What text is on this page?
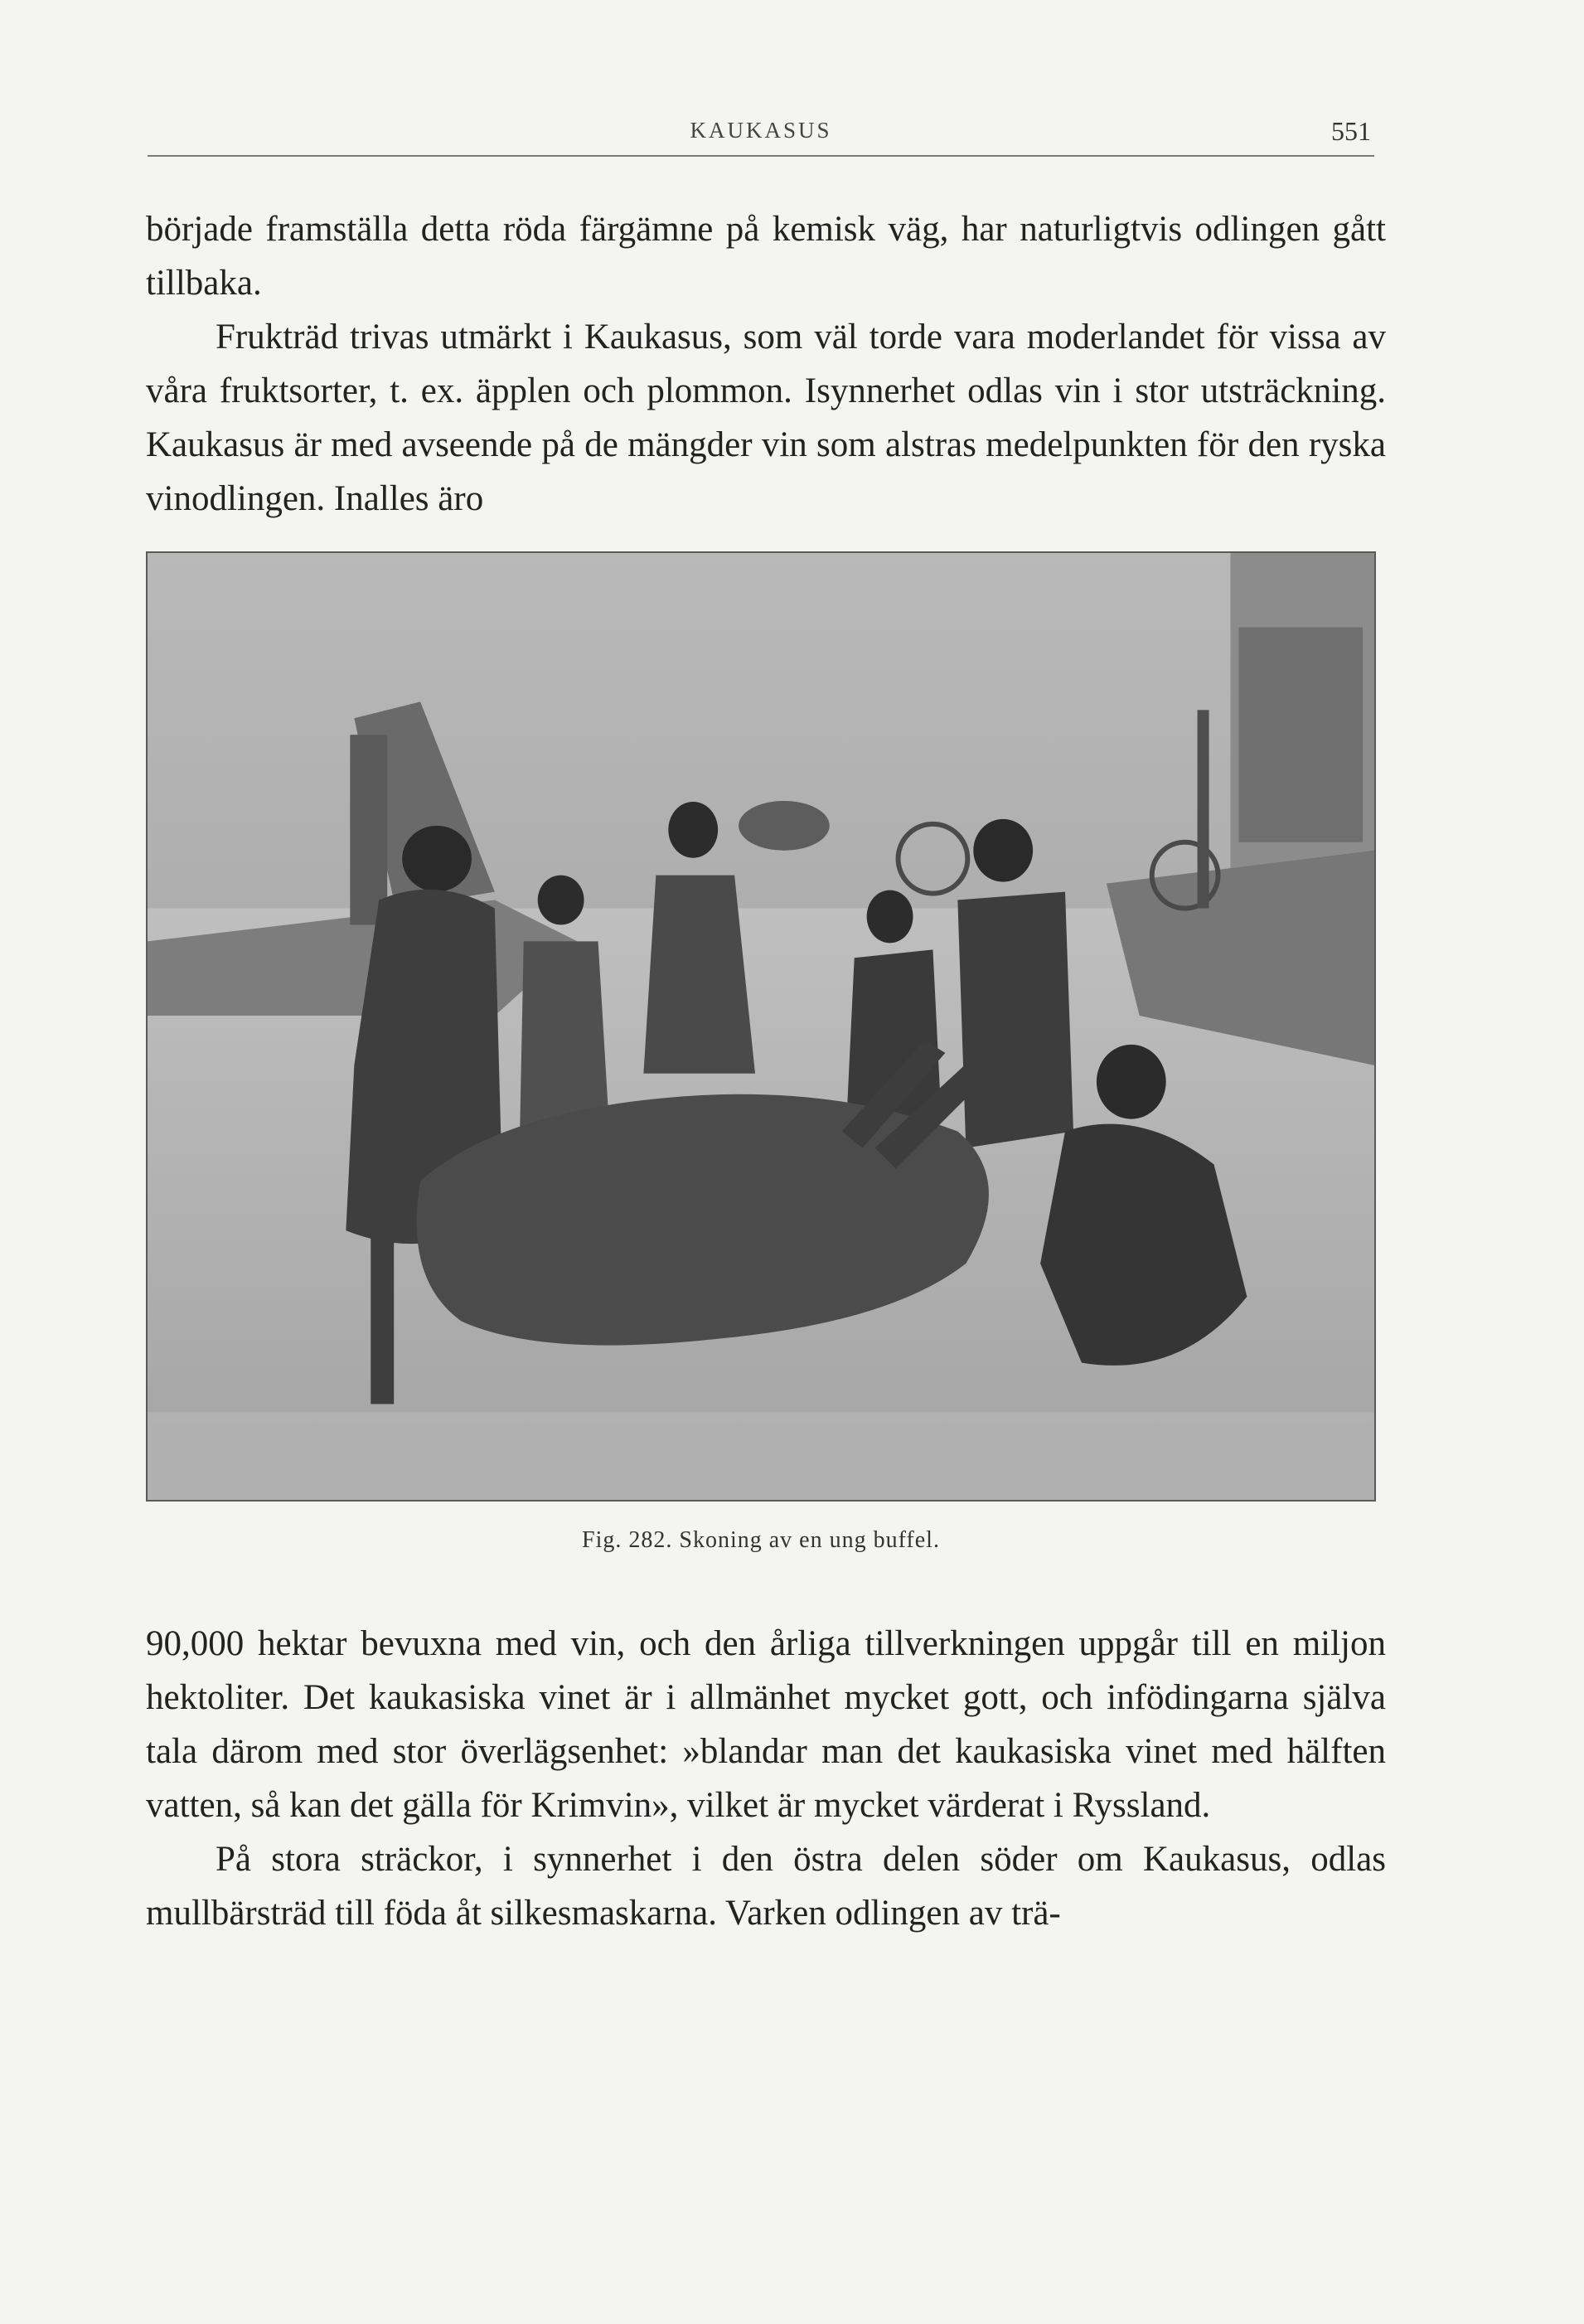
KAUKASUS	551

började framställa detta röda färgämne på kemisk väg, har naturligtvis odlingen gått tillbaka.

Frukträd trivas utmärkt i Kaukasus, som väl torde vara moderlandet för vissa av våra fruktsorter, t. ex. äpplen och plommon. Isynnerhet odlas vin i stor utsträckning. Kaukasus är med avseende på de mängder vin som alstras medelpunkten för den ryska vinodlingen. Inalles äro

Fig. 282. Skoning av en ung buffel.

90,000 hektar bevuxna med vin, och den årliga tillverkningen uppgår till en miljon hektoliter. Det kaukasiska vinet är i allmänhet mycket gott, och infödingarna själva tala därom med stor överlägsenhet: »blandar man det kaukasiska vinet med hälften vatten, så kan det gälla för Krimvin», vilket är mycket värderat i Ryssland.

På stora sträckor, i synnerhet i den östra delen söder om Kaukasus, odlas mullbärsträd till föda åt silkesmaskarna. Varken odlingen av trä-
